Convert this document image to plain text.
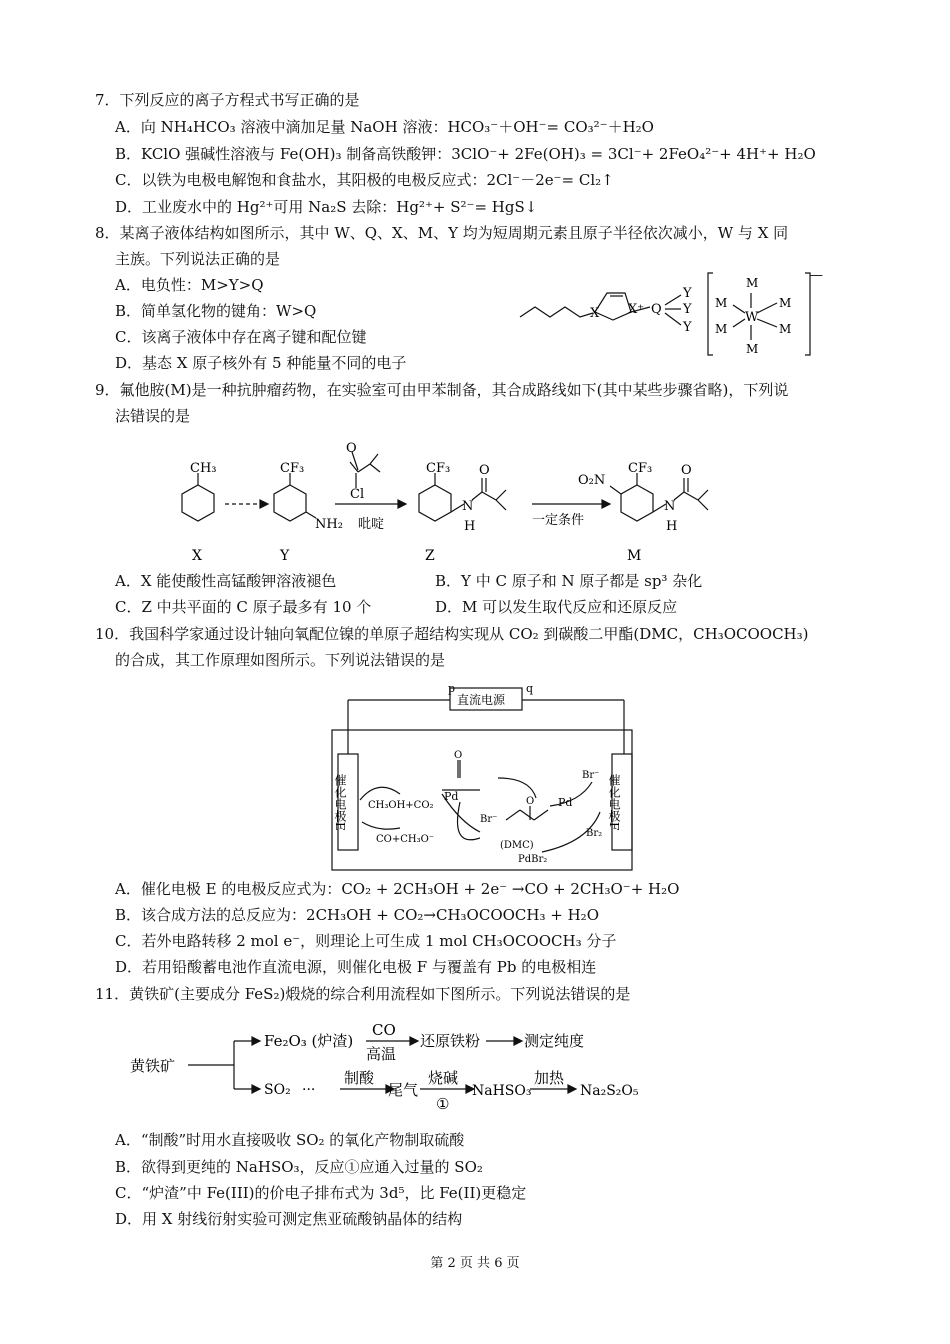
7．下列反应的离子方程式书写正确的是
A．向 NH₄HCO₃ 溶液中滴加足量 NaOH 溶液：HCO₃⁻＋OH⁻= CO₃²⁻＋H₂O
B．KClO 强碱性溶液与 Fe(OH)₃ 制备高铁酸钾：3ClO⁻+ 2Fe(OH)₃ = 3Cl⁻+ 2FeO₄²⁻+ 4H⁺+ H₂O
C．以铁为电极电解饱和食盐水，其阳极的电极反应式：2Cl⁻－2e⁻= Cl₂↑
D．工业废水中的 Hg²⁺可用 Na₂S 去除：Hg²⁺+ S²⁻= HgS↓
8．某离子液体结构如图所示，其中 W、Q、X、M、Y 均为短周期元素且原子半径依次减小，W 与 X 同
主族。下列说法正确的是
A．电负性：M>Y>Q
B．简单氢化物的键角：W>Q
C．该离子液体中存在离子键和配位键
D．基态 X 原子核外有 5 种能量不同的电子
X X⁺ Q
Y
Y
Y
M
M	M
W
M	M
M
—
9．氟他胺(M)是一种抗肿瘤药物，在实验室可由甲苯制备，其合成路线如下(其中某些步骤省略)，下列说
法错误的是
CH₃	CF₃
NH₂
O
Cl
吡啶
CF₃
N
H
O
一定条件
O₂N
CF₃
N
H
O
X	Y	Z	M
A．X 能使酸性高锰酸钾溶液褪色	B．Y 中 C 原子和 N 原子都是 sp³ 杂化
C．Z 中共平面的 C 原子最多有 10 个	D．M 可以发生取代反应和还原反应
10．我国科学家通过设计轴向氧配位镍的单原子超结构实现从 CO₂ 到碳酸二甲酯(DMC，CH₃OCOOCH₃)
的合成，其工作原理如图所示。下列说法错误的是
p	q
直流电源
催化电极E	催化电极F
CH₃OH+CO₂
CO+CH₃O⁻
Pd
O
Br⁻
Pd
O
Br⁻
Br₂
(DMC)
PdBr₂
A．催化电极 E 的电极反应式为：CO₂ + 2CH₃OH + 2e⁻ →CO + 2CH₃O⁻+ H₂O
B．该合成方法的总反应为：2CH₃OH + CO₂→CH₃OCOOCH₃ + H₂O
C．若外电路转移 2 mol e⁻，则理论上可生成 1 mol CH₃OCOOCH₃ 分子
D．若用铅酸蓄电池作直流电源，则催化电极 F 与覆盖有 Pb 的电极相连
11．黄铁矿(主要成分 FeS₂)煅烧的综合利用流程如下图所示。下列说法错误的是
黄铁矿
Fe₂O₃ (炉渣)
CO
高温
还原铁粉	测定纯度
SO₂ ···
制酸
尾气
烧碱
①
NaHSO₃
加热
Na₂S₂O₅
A．“制酸”时用水直接吸收 SO₂ 的氧化产物制取硫酸
B．欲得到更纯的 NaHSO₃，反应①应通入过量的 SO₂
C．“炉渣”中 Fe(III)的价电子排布式为 3d⁵，比 Fe(II)更稳定
D．用 X 射线衍射实验可测定焦亚硫酸钠晶体的结构
第 2 页 共 6 页
